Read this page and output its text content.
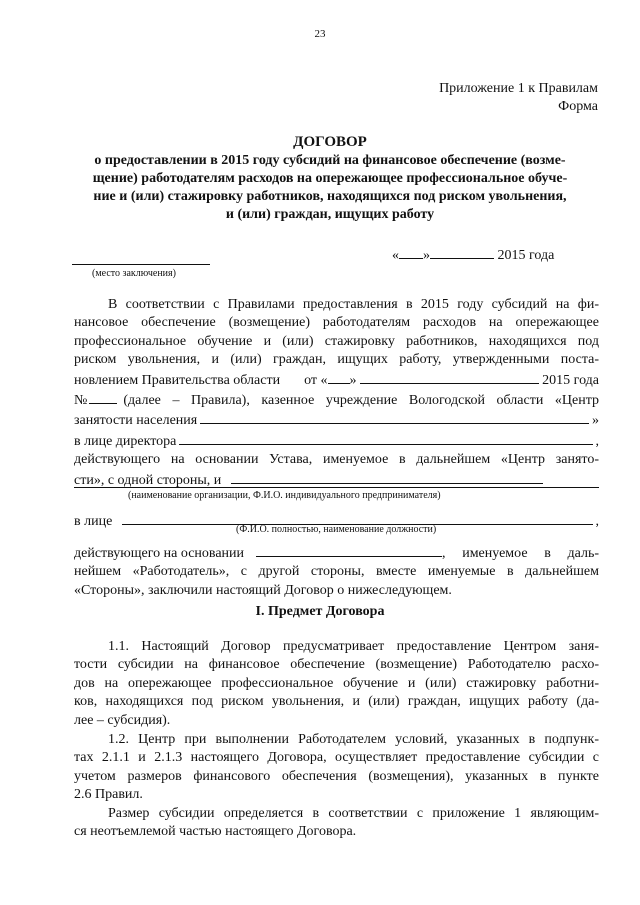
23
Приложение 1 к Правилам
Форма
ДОГОВОР
о предоставлении в 2015 году субсидий на финансовое обеспечение (возме-
щение) работодателям расходов на опережающее профессиональное обуче-
ние и (или) стажировку работников, находящихся под риском увольнения,
и (или) граждан, ищущих работу
« »	2015 года
(место заключения)
В соответствии с Правилами предоставления в 2015 году субсидий на фи-
нансовое обеспечение (возмещение) работодателям расходов на опережающее
профессиональное обучение и (или) стажировку работников, находящихся под
риском увольнения, и (или) граждан, ищущих работу, утвержденными поста-
новлением Правительства области от « »	2015 года
№	(далее – Правила), казенное учреждение Вологодской области «Центр
занятости населения	»
в лице директора	,
действующего на основании Устава, именуемое в дальнейшем «Центр занято-
сти», с одной стороны, и
(наименование организации, Ф.И.О. индивидуального предпринимателя)
в лице	,
(Ф.И.О. полностью, наименование должности)
действующего на основании	, именуемое в даль-
нейшем «Работодатель», с другой стороны, вместе именуемые в дальнейшем
«Стороны», заключили настоящий Договор о нижеследующем.
I. Предмет Договора
1.1. Настоящий Договор предусматривает предоставление Центром заня-
тости субсидии на финансовое обеспечение (возмещение) Работодателю расхо-
дов на опережающее профессиональное обучение и (или) стажировку работни-
ков, находящихся под риском увольнения, и (или) граждан, ищущих работу (да-
лее – субсидия).
1.2. Центр при выполнении Работодателем условий, указанных в подпунк-
тах 2.1.1 и 2.1.3 настоящего Договора, осуществляет предоставление субсидии с
учетом размеров финансового обеспечения (возмещения), указанных в пункте
2.6 Правил.
Размер субсидии определяется в соответствии с приложение 1 являющим-
ся неотъемлемой частью настоящего Договора.
